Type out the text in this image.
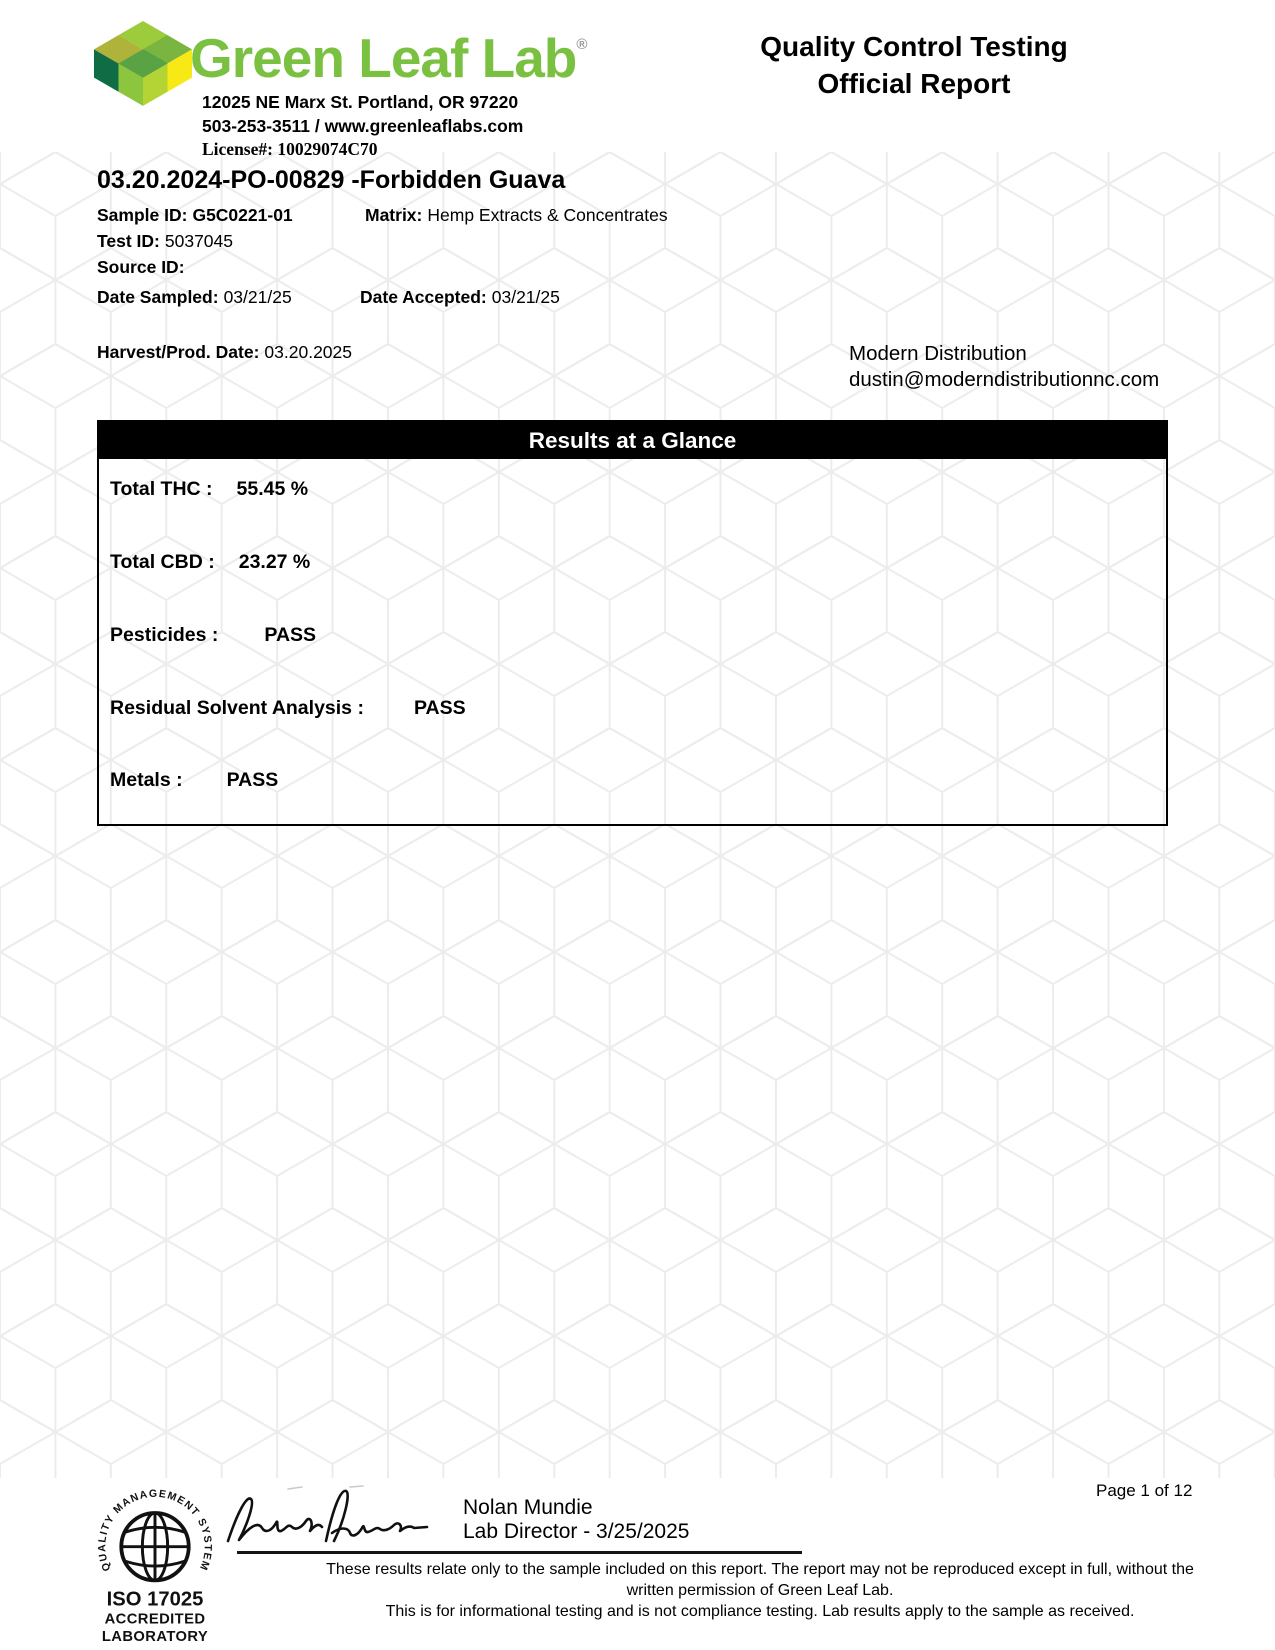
Green Leaf Lab®
12025 NE Marx St. Portland, OR 97220
503-253-3511 / www.greenleaflabs.com
License#: 10029074C70
Quality Control Testing
Official Report
03.20.2024-PO-00829 -Forbidden Guava
Sample ID: G5C0221-01	Matrix: Hemp Extracts & Concentrates
Test ID: 5037045
Source ID:
Date Sampled: 03/21/25	Date Accepted: 03/21/25
Harvest/Prod. Date: 03.20.2025	Modern Distribution
dustin@moderndistributionnc.com
Results at a Glance
Total THC : 55.45 %
Total CBD : 23.27 %
Pesticides : PASS
Residual Solvent Analysis :	PASS
Metals : PASS
QUALITY MANAGEMENT SYSTEM
ISO 17025
ACCREDITED
LABORATORY
Nolan Mundie
Lab Director - 3/25/2025
Page 1 of 12
These results relate only to the sample included on this report. The report may not be reproduced except in full, without the
written permission of Green Leaf Lab.
This is for informational testing and is not compliance testing. Lab results apply to the sample as received.
